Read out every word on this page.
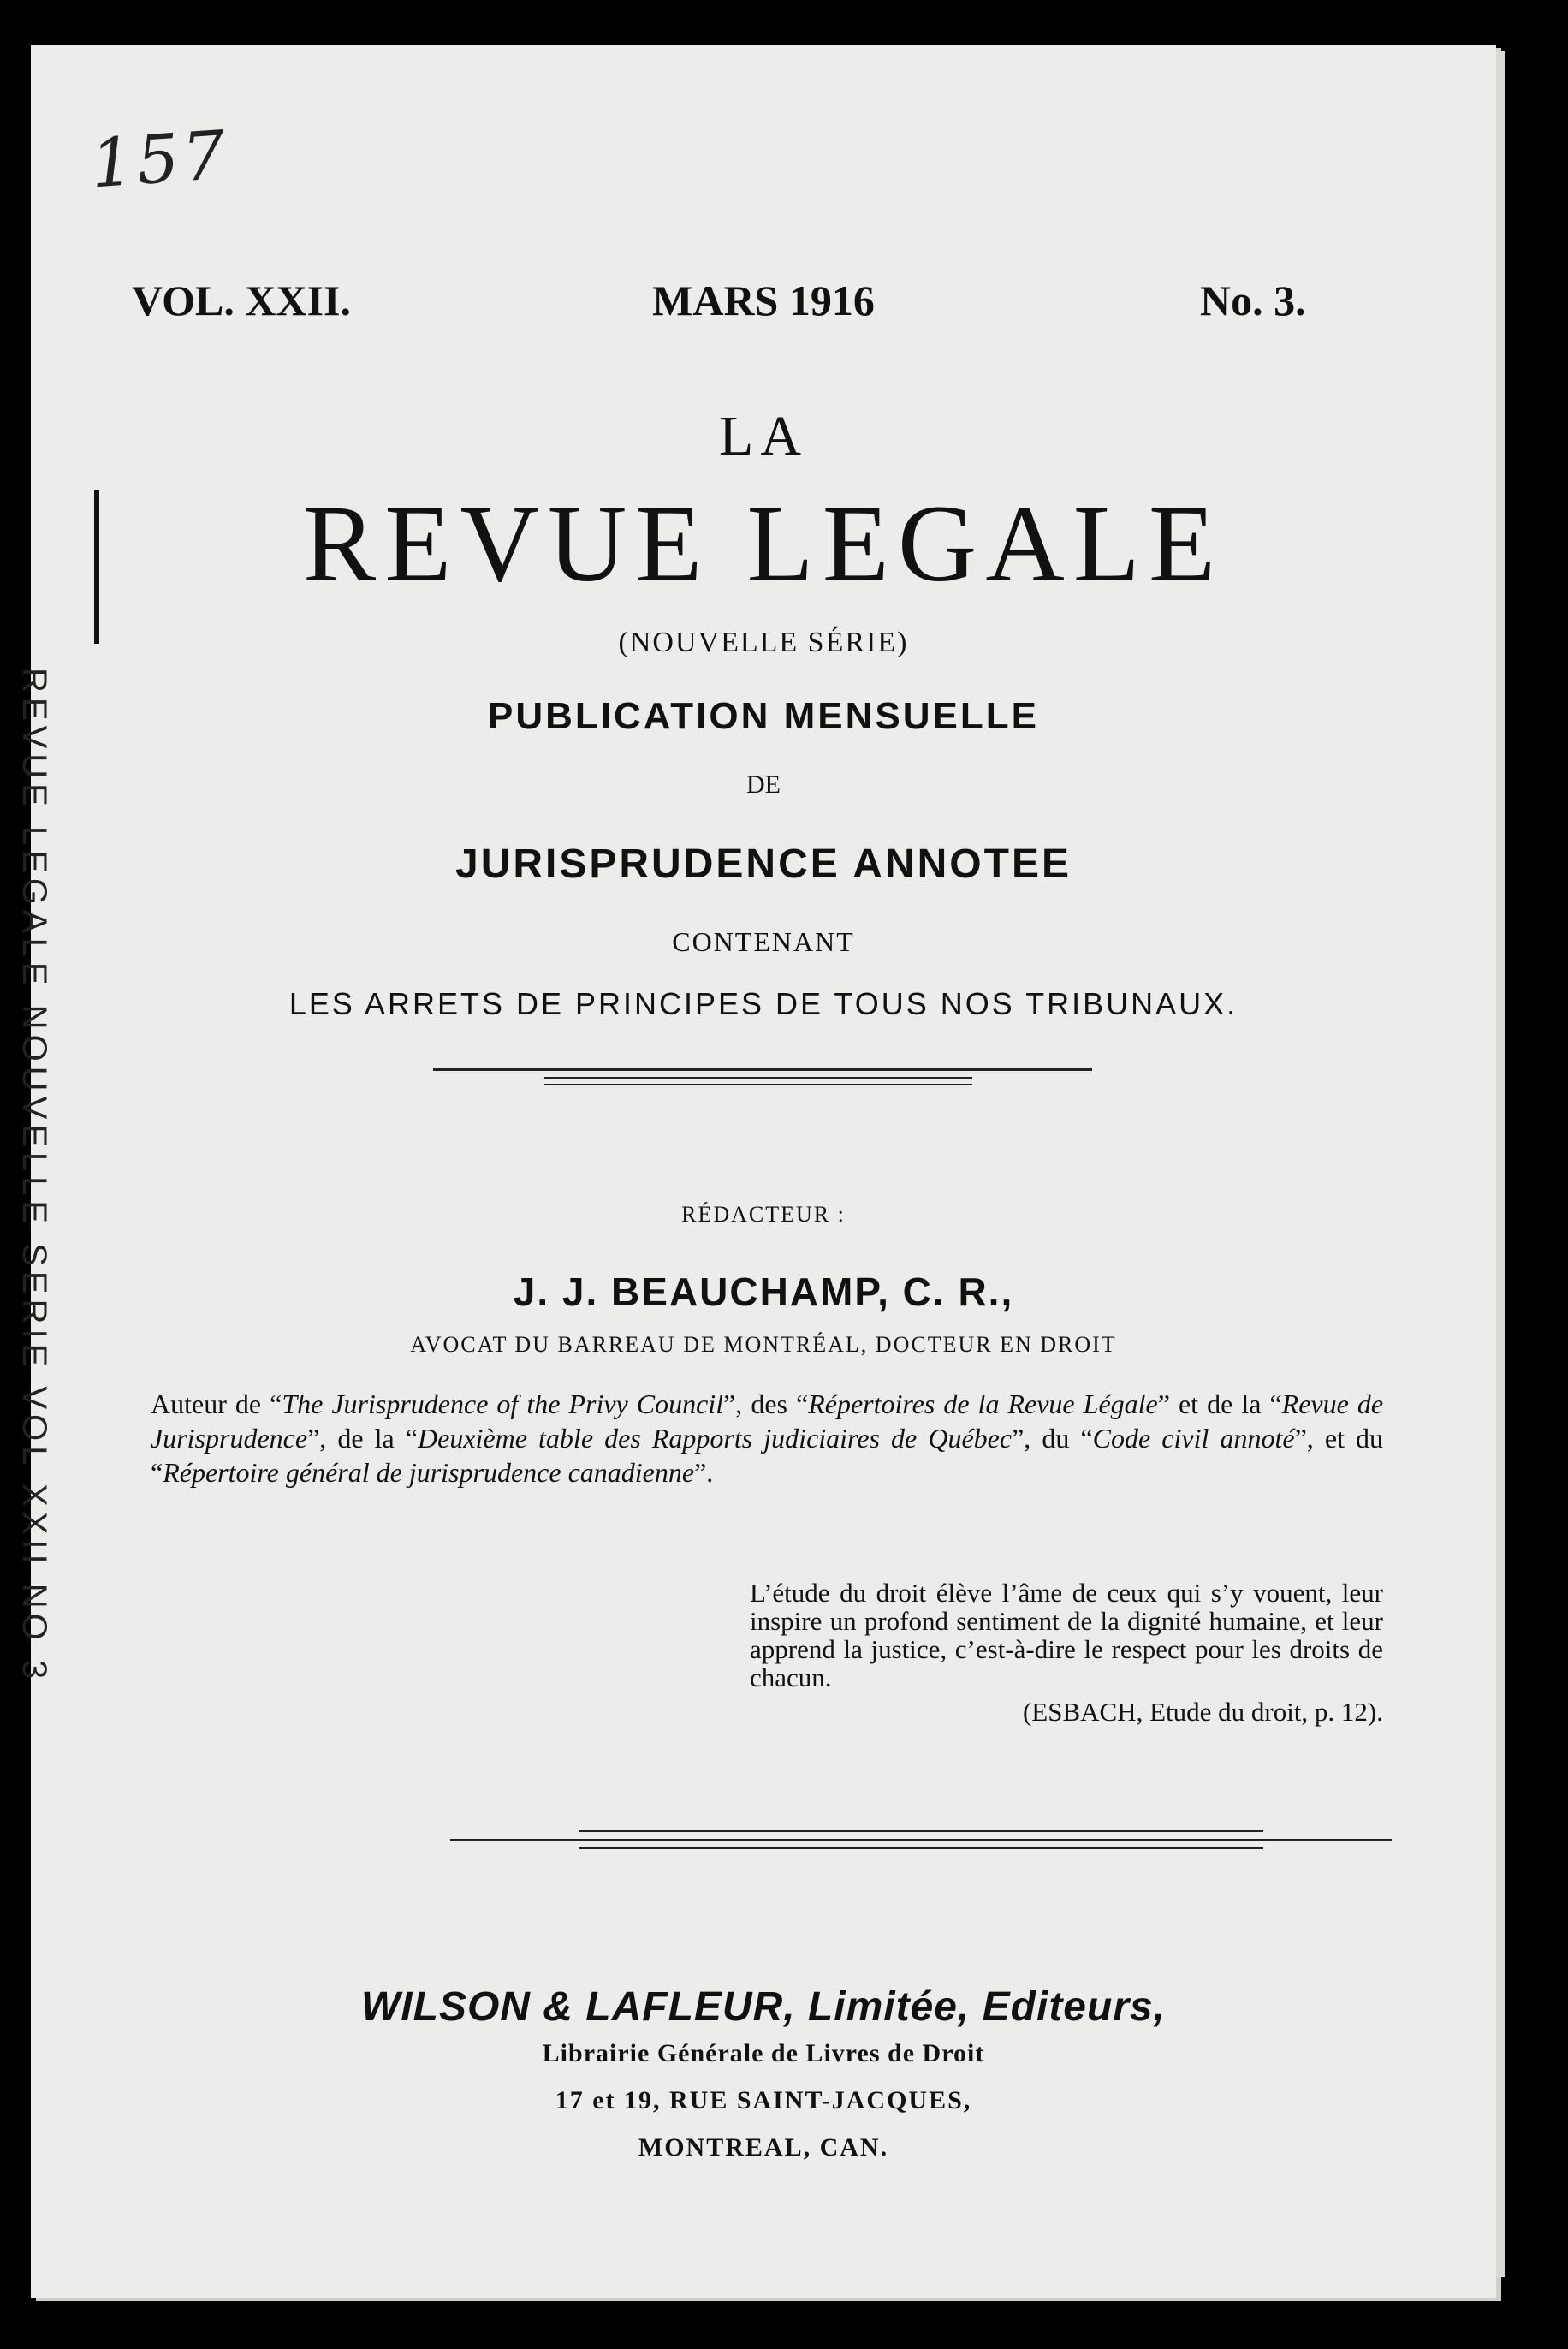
157
VOL. XXII.	MARS 1916	No. 3.
LA
REVUE LEGALE
(NOUVELLE SÉRIE)
PUBLICATION MENSUELLE
DE
JURISPRUDENCE ANNOTEE
CONTENANT
LES ARRETS DE PRINCIPES DE TOUS NOS TRIBUNAUX.
RÉDACTEUR :
J. J. BEAUCHAMP, C. R.,
AVOCAT DU BARREAU DE MONTRÉAL, DOCTEUR EN DROIT
Auteur de “The Jurisprudence of the Privy Council”, des “Répertoires de la Revue Légale” et de la “Revue de Jurisprudence”, de la “Deuxième table des Rapports judiciaires de Québec”, du “Code civil annoté”, et du “Répertoire général de jurisprudence canadienne”.
L’étude du droit élève l’âme de ceux qui s’y vouent, leur inspire un profond sentiment de la dignité humaine, et leur apprend la justice, c’est-à-dire le respect pour les droits de chacun.
(ESBACH, Etude du droit, p. 12).
WILSON & LAFLEUR, Limitée, Editeurs,
Librairie Générale de Livres de Droit
17 et 19, RUE SAINT-JACQUES,
MONTREAL, CAN.
REVUE LEGALE NOUVELLE SERIE VOL XXII NO 3
